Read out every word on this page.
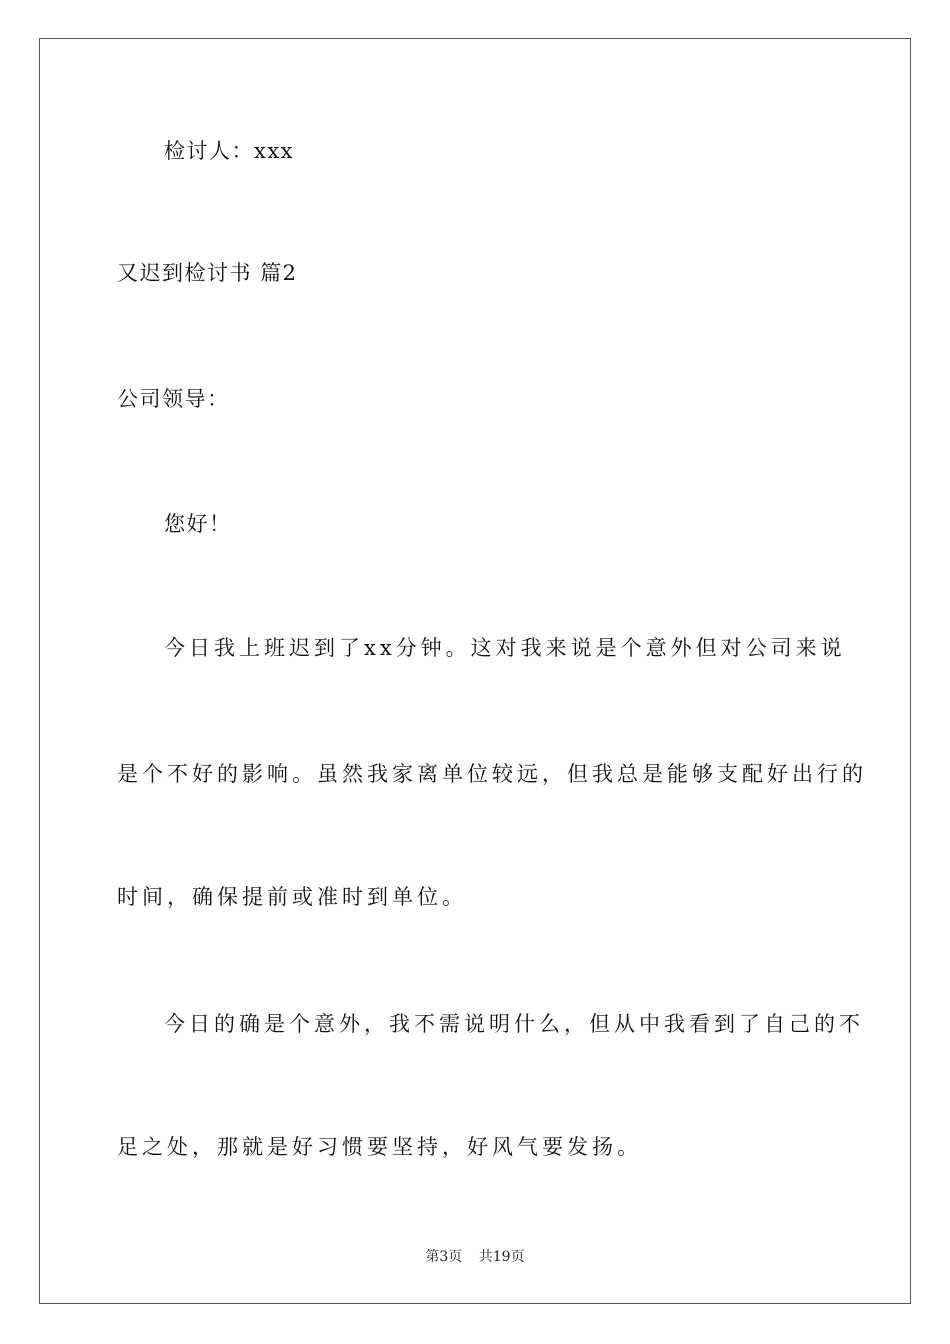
检讨人：xxx
又迟到检讨书 篇2
公司领导：
您好！
今日我上班迟到了xx分钟。这对我来说是个意外但对公司来说
是个不好的影响。虽然我家离单位较远，但我总是能够支配好出行的
时间，确保提前或准时到单位。
今日的确是个意外，我不需说明什么，但从中我看到了自己的不
足之处，那就是好习惯要坚持，好风气要发扬。
第3页 共19页
